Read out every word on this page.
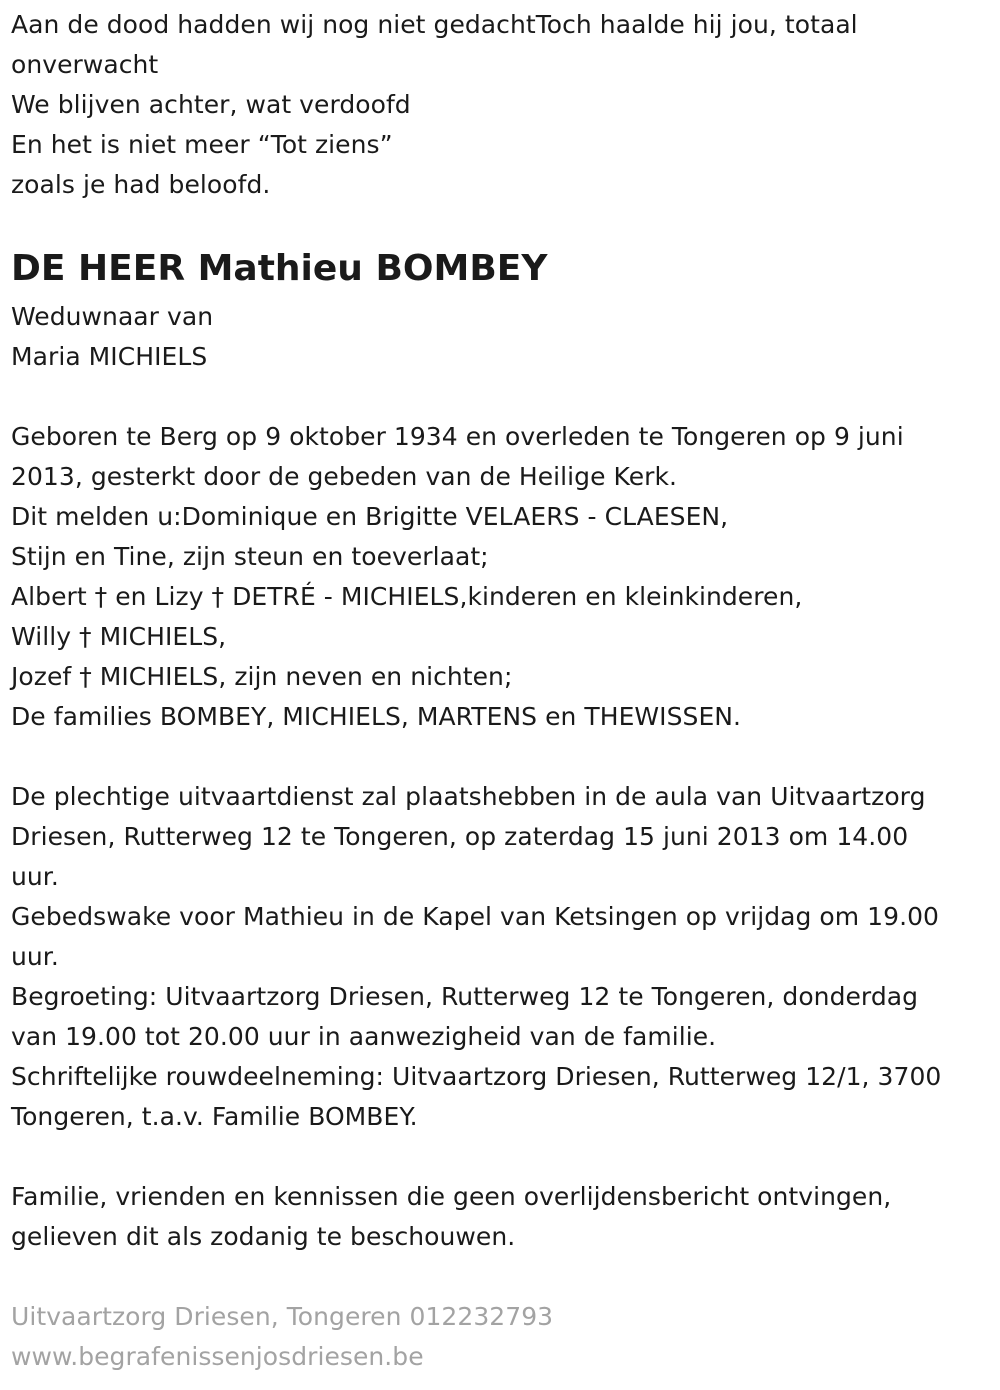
Aan de dood hadden wij nog niet gedachtToch haalde hij jou, totaal
onverwacht
We blijven achter, wat verdoofd
En het is niet meer “Tot ziens”
zoals je had beloofd.
DE HEER Mathieu BOMBEY
Weduwnaar van
Maria MICHIELS
Geboren te Berg op 9 oktober 1934 en overleden te Tongeren op 9 juni
2013, gesterkt door de gebeden van de Heilige Kerk.
Dit melden u:Dominique en Brigitte VELAERS - CLAESEN,
Stijn en Tine, zijn steun en toeverlaat;
Albert † en Lizy † DETRÉ - MICHIELS,kinderen en kleinkinderen,
Willy † MICHIELS,
Jozef † MICHIELS, zijn neven en nichten;
De families BOMBEY, MICHIELS, MARTENS en THEWISSEN.
De plechtige uitvaartdienst zal plaatshebben in de aula van Uitvaartzorg
Driesen, Rutterweg 12 te Tongeren, op zaterdag 15 juni 2013 om 14.00
uur.
Gebedswake voor Mathieu in de Kapel van Ketsingen op vrijdag om 19.00
uur.
Begroeting: Uitvaartzorg Driesen, Rutterweg 12 te Tongeren, donderdag
van 19.00 tot 20.00 uur in aanwezigheid van de familie.
Schriftelijke rouwdeelneming: Uitvaartzorg Driesen, Rutterweg 12/1, 3700
Tongeren, t.a.v. Familie BOMBEY.
Familie, vrienden en kennissen die geen overlijdensbericht ontvingen,
gelieven dit als zodanig te beschouwen.
Uitvaartzorg Driesen, Tongeren 012232793
www.begrafenissenjosdriesen.be
